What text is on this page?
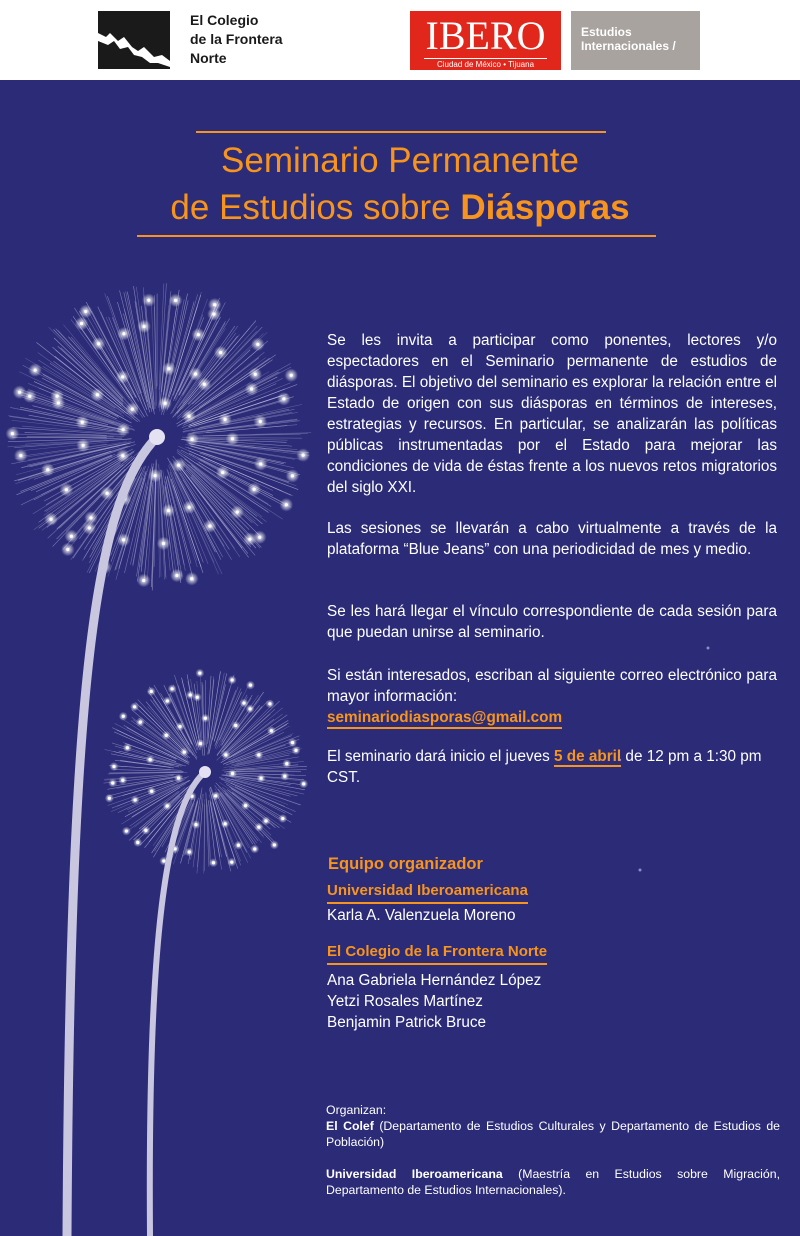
El Colegio
de la Frontera
Norte	IBERO
Ciudad de México • Tijuana
Estudios
Internacionales /
Seminario Permanente
de Estudios sobre Diásporas

Se les invita a participar como ponentes, lectores y/o espectadores en el Seminario permanente de estudios de diásporas. El objetivo del seminario es explorar la relación entre el Estado de origen con sus diásporas en términos de intereses, estrategias y recursos. En particular, se analizarán las políticas públicas instrumentadas por el Estado para mejorar las condiciones de vida de éstas frente a los nuevos retos migratorios del siglo XXI.

Las sesiones se llevarán a cabo virtualmente a través de la plataforma “Blue Jeans” con una periodicidad de mes y medio.

Se les hará llegar el vínculo correspondiente de cada sesión para que puedan unirse al seminario.

Si están interesados, escriban al siguiente correo electrónico para mayor información:

seminariodiasporas@gmail.com
El seminario dará inicio el jueves 5 de abril de 12 pm a 1:30 pm CST.
Equipo organizador
Universidad Iberoamericana
Karla A. Valenzuela Moreno
El Colegio de la Frontera Norte
Ana Gabriela Hernández López
Yetzi Rosales Martínez
Benjamin Patrick Bruce

Organizan:

El Colef (Departamento de Estudios Culturales y Departamento de Estudios de Población)

Universidad Iberoamericana (Maestría en Estudios sobre Migración, Departamento de Estudios Internacionales).
